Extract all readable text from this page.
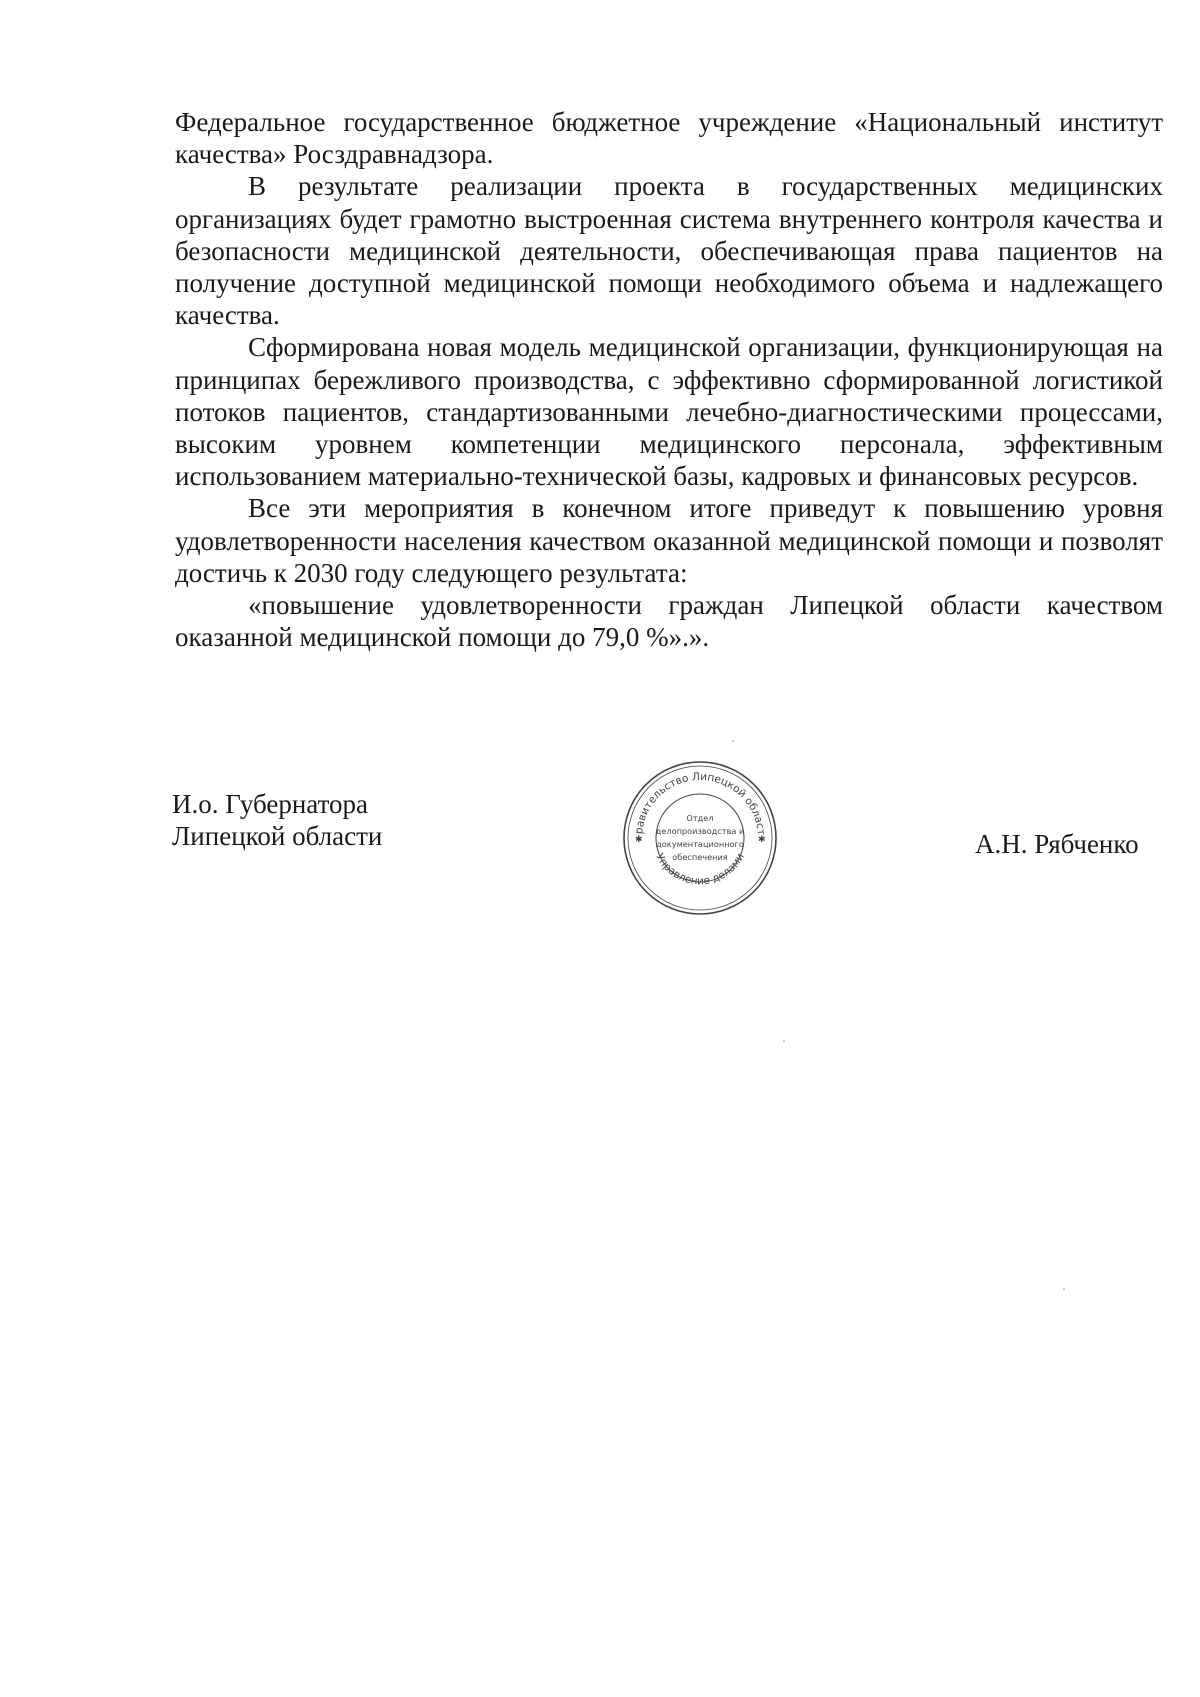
Федеральное государственное бюджетное учреждение «Национальный институт качества» Росздравнадзора.

В результате реализации проекта в государственных медицинских организациях будет грамотно выстроенная система внутреннего контроля качества и безопасности медицинской деятельности, обеспечивающая права пациентов на получение доступной медицинской помощи необходимого объема и надлежащего качества.

Сформирована новая модель медицинской организации, функционирующая на принципах бережливого производства, с эффективно сформированной логистикой потоков пациентов, стандартизованными лечебно-диагностическими процессами, высоким уровнем компетенции медицинского персонала, эффективным использованием материально-технической базы, кадровых и финансовых ресурсов.

Все эти мероприятия в конечном итоге приведут к повышению уровня удовлетворенности населения качеством оказанной медицинской помощи и позволят достичь к 2030 году следующего результата:

«повышение удовлетворенности граждан Липецкой области качеством оказанной медицинской помощи до 79,0 %».».

И.о. Губернатора
Липецкой области	А.Н. Рябченко
равительство Липецкой област
Управление делами
✱	✱
Отдел
делопроизводства и
документационного
обеспечения
